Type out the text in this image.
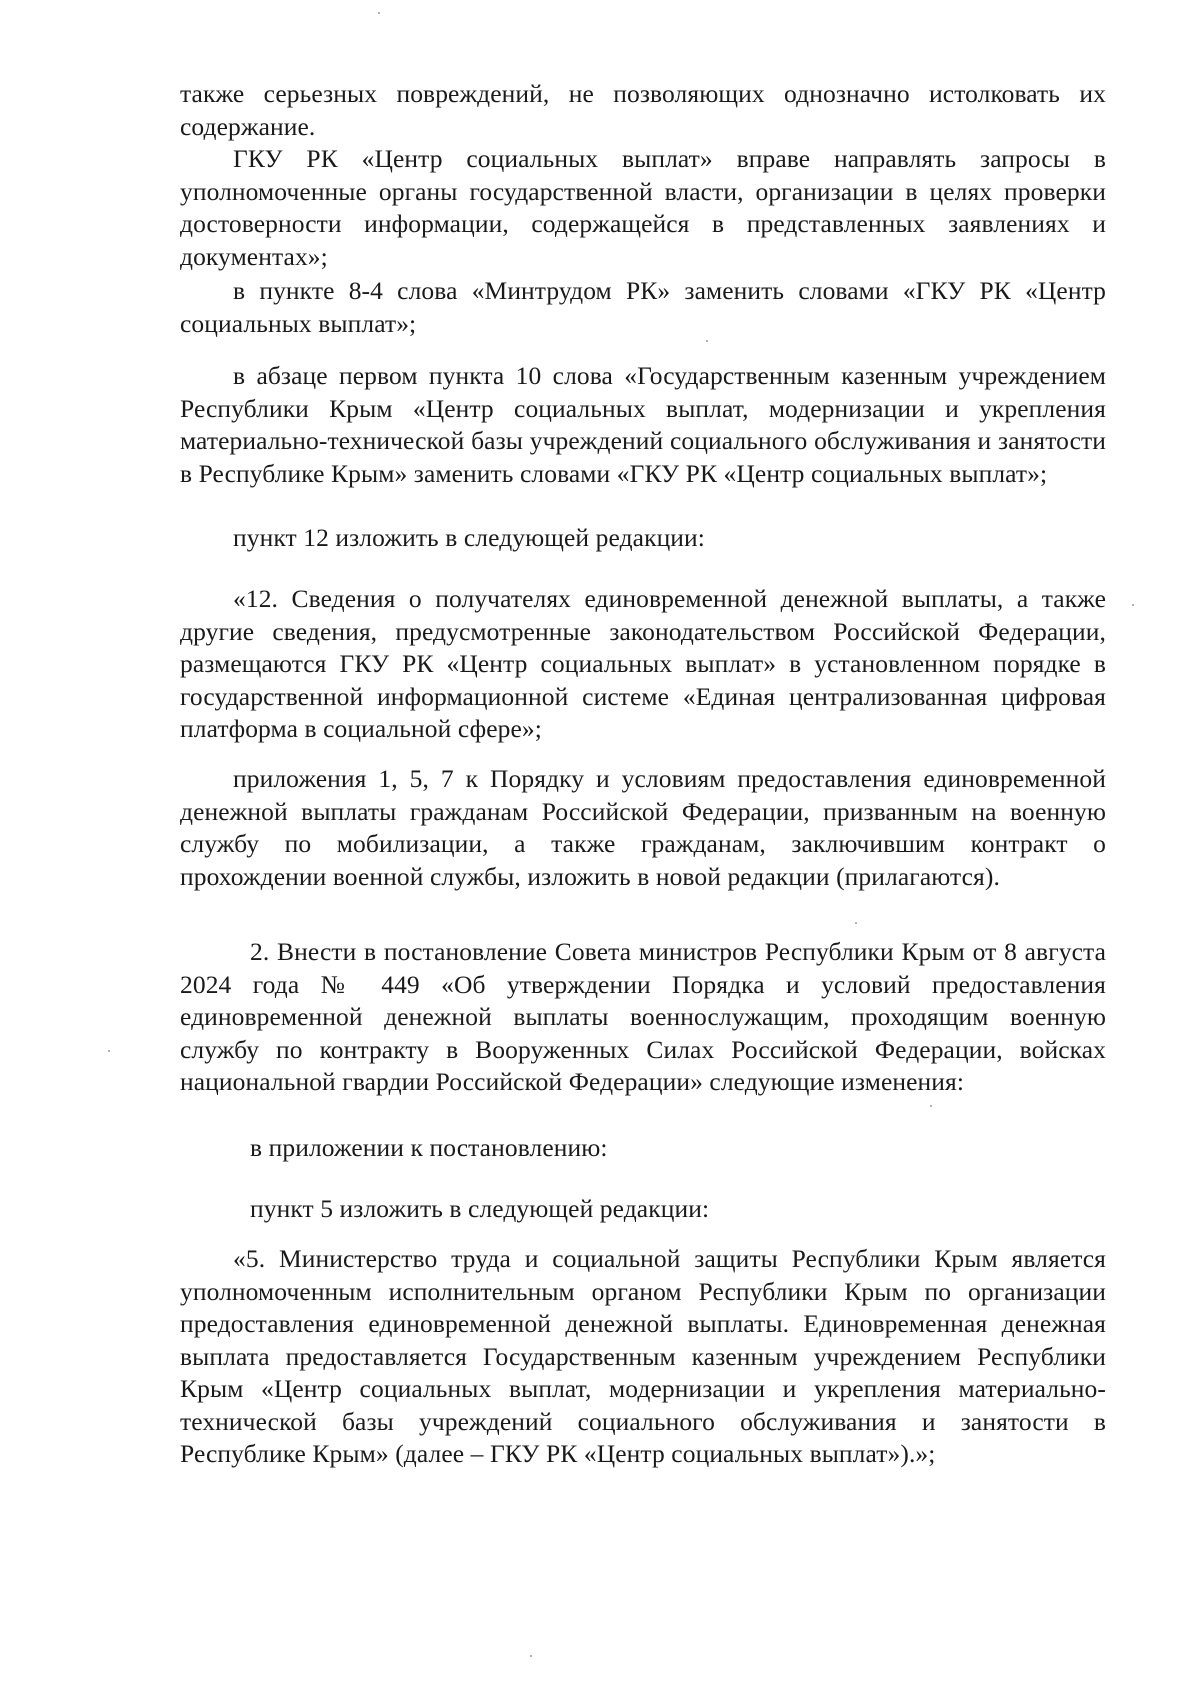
также серьезных повреждений, не позволяющих однозначно истолковать их содержание.

ГКУ РК «Центр социальных выплат» вправе направлять запросы в уполномоченные органы государственной власти, организации в целях проверки достоверности информации, содержащейся в представленных заявлениях и документах»;

в пункте 8-4 слова «Минтрудом РК» заменить словами «ГКУ РК «Центр социальных выплат»;

в абзаце первом пункта 10 слова «Государственным казенным учреждением Республики Крым «Центр социальных выплат, модернизации и укрепления материально-технической базы учреждений социального обслуживания и занятости в Республике Крым» заменить словами «ГКУ РК «Центр социальных выплат»;

пункт 12 изложить в следующей редакции:

«12. Сведения о получателях единовременной денежной выплаты, а также другие сведения, предусмотренные законодательством Российской Федерации, размещаются ГКУ РК «Центр социальных выплат» в установленном порядке в государственной информационной системе «Единая централизованная цифровая платформа в социальной сфере»;

приложения 1, 5, 7 к Порядку и условиям предоставления единовременной денежной выплаты гражданам Российской Федерации, призванным на военную службу по мобилизации, а также гражданам, заключившим контракт о прохождении военной службы, изложить в новой редакции (прилагаются).

2. Внести в постановление Совета министров Республики Крым от 8 августа 2024 года № 449 «Об утверждении Порядка и условий предоставления единовременной денежной выплаты военнослужащим, проходящим военную службу по контракту в Вооруженных Силах Российской Федерации, войсках национальной гвардии Российской Федерации» следующие изменения:

в приложении к постановлению:

пункт 5 изложить в следующей редакции:

«5. Министерство труда и социальной защиты Республики Крым является уполномоченным исполнительным органом Республики Крым по организации предоставления единовременной денежной выплаты. Единовременная денежная выплата предоставляется Государственным казенным учреждением Республики Крым «Центр социальных выплат, модернизации и укрепления материально-технической базы учреждений социального обслуживания и занятости в Республике Крым» (далее – ГКУ РК «Центр социальных выплат»).»;
